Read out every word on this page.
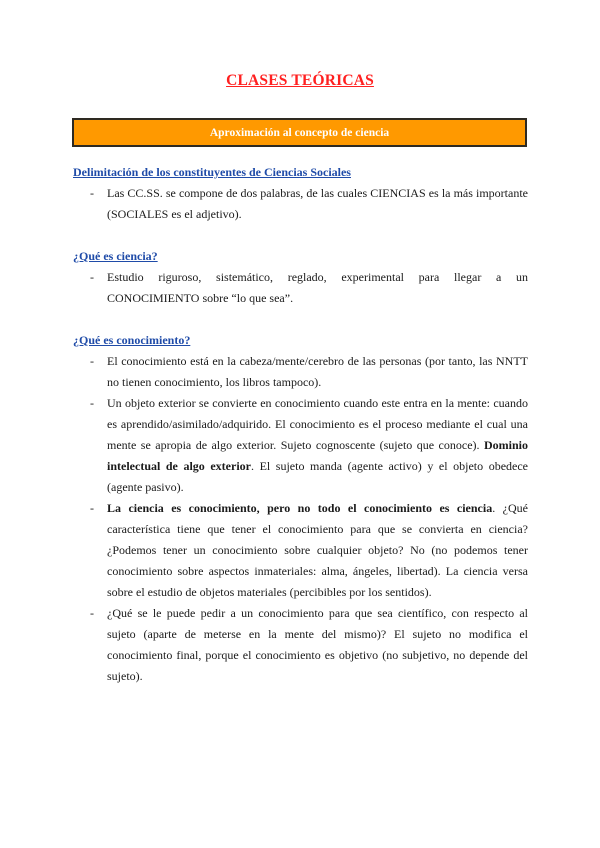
CLASES TEÓRICAS
Aproximación al concepto de ciencia
Delimitación de los constituyentes de Ciencias Sociales
- Las CC.SS. se compone de dos palabras, de las cuales CIENCIAS es la más importante (SOCIALES es el adjetivo).
¿Qué es ciencia?
- Estudio riguroso, sistemático, reglado, experimental para llegar a un CONOCIMIENTO sobre “lo que sea”.
¿Qué es conocimiento?
- El conocimiento está en la cabeza/mente/cerebro de las personas (por tanto, las NNTT no tienen conocimiento, los libros tampoco).
- Un objeto exterior se convierte en conocimiento cuando este entra en la mente: cuando es aprendido/asimilado/adquirido. El conocimiento es el proceso mediante el cual una mente se apropia de algo exterior. Sujeto cognoscente (sujeto que conoce). Dominio intelectual de algo exterior. El sujeto manda (agente activo) y el objeto obedece (agente pasivo).
- La ciencia es conocimiento, pero no todo el conocimiento es ciencia. ¿Qué característica tiene que tener el conocimiento para que se convierta en ciencia? ¿Podemos tener un conocimiento sobre cualquier objeto? No (no podemos tener conocimiento sobre aspectos inmateriales: alma, ángeles, libertad). La ciencia versa sobre el estudio de objetos materiales (percibibles por los sentidos).
- ¿Qué se le puede pedir a un conocimiento para que sea científico, con respecto al sujeto (aparte de meterse en la mente del mismo)? El sujeto no modifica el conocimiento final, porque el conocimiento es objetivo (no subjetivo, no depende del sujeto).
